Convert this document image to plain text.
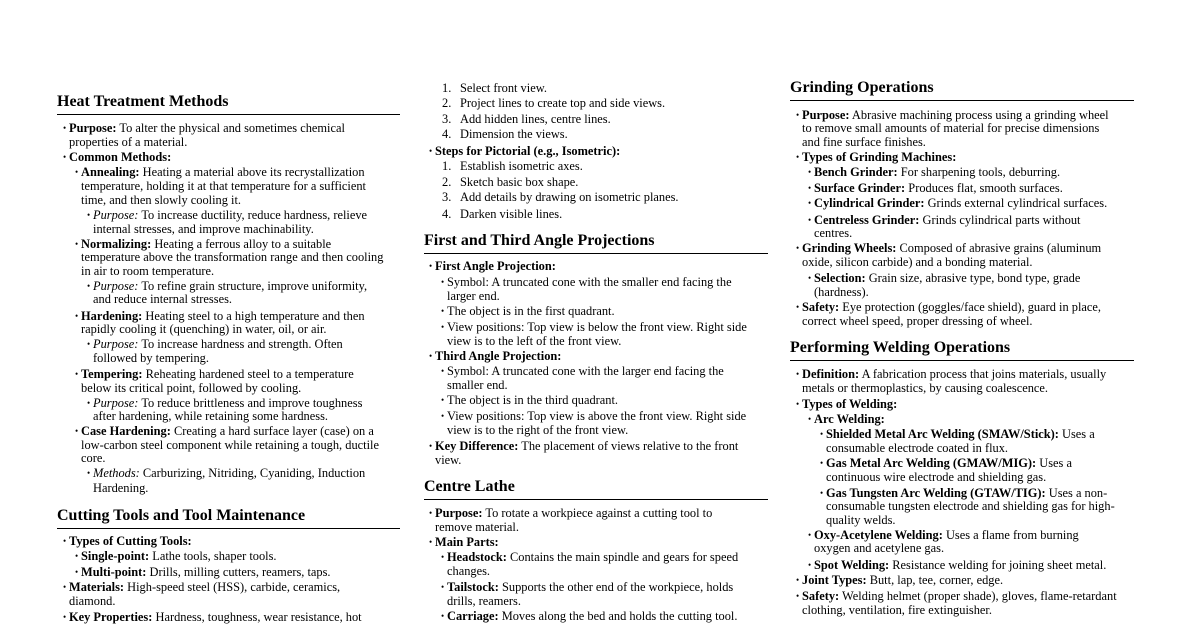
Heat Treatment Methods
• Purpose: To alter the physical and sometimes chemical
properties of a material.
• Common Methods:
• Annealing: Heating a material above its recrystallization
temperature, holding it at that temperature for a sufficient
time, and then slowly cooling it.
• Purpose: To increase ductility, reduce hardness, relieve
internal stresses, and improve machinability.
• Normalizing: Heating a ferrous alloy to a suitable
temperature above the transformation range and then cooling
in air to room temperature.
• Purpose: To refine grain structure, improve uniformity,
and reduce internal stresses.
• Hardening: Heating steel to a high temperature and then
rapidly cooling it (quenching) in water, oil, or air.
• Purpose: To increase hardness and strength. Often
followed by tempering.
• Tempering: Reheating hardened steel to a temperature
below its critical point, followed by cooling.
• Purpose: To reduce brittleness and improve toughness
after hardening, while retaining some hardness.
• Case Hardening: Creating a hard surface layer (case) on a
low-carbon steel component while retaining a tough, ductile
core.
• Methods: Carburizing, Nitriding, Cyaniding, Induction
Hardening.
Cutting Tools and Tool Maintenance
• Types of Cutting Tools:
• Single-point: Lathe tools, shaper tools.
• Multi-point: Drills, milling cutters, reamers, taps.
• Materials: High-speed steel (HSS), carbide, ceramics,
diamond.
• Key Properties: Hardness, toughness, wear resistance, hot
1. Select front view.
2. Project lines to create top and side views.
3. Add hidden lines, centre lines.
4. Dimension the views.
• Steps for Pictorial (e.g., Isometric):
1. Establish isometric axes.
2. Sketch basic box shape.
3. Add details by drawing on isometric planes.
4. Darken visible lines.
First and Third Angle Projections
• First Angle Projection:
• Symbol: A truncated cone with the smaller end facing the
larger end.
• The object is in the first quadrant.
• View positions: Top view is below the front view. Right side
view is to the left of the front view.
• Third Angle Projection:
• Symbol: A truncated cone with the larger end facing the
smaller end.
• The object is in the third quadrant.
• View positions: Top view is above the front view. Right side
view is to the right of the front view.
• Key Difference: The placement of views relative to the front
view.
Centre Lathe
• Purpose: To rotate a workpiece against a cutting tool to
remove material.
• Main Parts:
• Headstock: Contains the main spindle and gears for speed
changes.
• Tailstock: Supports the other end of the workpiece, holds
drills, reamers.
• Carriage: Moves along the bed and holds the cutting tool.
Grinding Operations
• Purpose: Abrasive machining process using a grinding wheel
to remove small amounts of material for precise dimensions
and fine surface finishes.
• Types of Grinding Machines:
• Bench Grinder: For sharpening tools, deburring.
• Surface Grinder: Produces flat, smooth surfaces.
• Cylindrical Grinder: Grinds external cylindrical surfaces.
• Centreless Grinder: Grinds cylindrical parts without
centres.
• Grinding Wheels: Composed of abrasive grains (aluminum
oxide, silicon carbide) and a bonding material.
• Selection: Grain size, abrasive type, bond type, grade
(hardness).
• Safety: Eye protection (goggles/face shield), guard in place,
correct wheel speed, proper dressing of wheel.
Performing Welding Operations
• Definition: A fabrication process that joins materials, usually
metals or thermoplastics, by causing coalescence.
• Types of Welding:
• Arc Welding:
• Shielded Metal Arc Welding (SMAW/Stick): Uses a
consumable electrode coated in flux.
• Gas Metal Arc Welding (GMAW/MIG): Uses a
continuous wire electrode and shielding gas.
• Gas Tungsten Arc Welding (GTAW/TIG): Uses a non-
consumable tungsten electrode and shielding gas for high-
quality welds.
• Oxy-Acetylene Welding: Uses a flame from burning
oxygen and acetylene gas.
• Spot Welding: Resistance welding for joining sheet metal.
• Joint Types: Butt, lap, tee, corner, edge.
• Safety: Welding helmet (proper shade), gloves, flame-retardant
clothing, ventilation, fire extinguisher.
